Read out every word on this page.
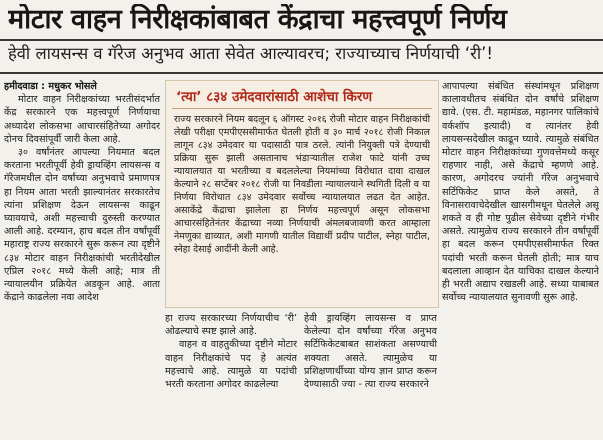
मोटार वाहन निरीक्षकांबाबत केंद्राचा महत्त्वपूर्ण निर्णय
हेवी लायसन्स व गॅरेज अनुभव आता सेवेत आल्यावरच; राज्याच्याच निर्णयाची ‘री’!

हमीदवाडा : मधुकर भोसले

मोटार वाहन निरीक्षकांच्या भरतीसंदर्भात केंद्र सरकारने एक महत्त्वपूर्ण निर्णयाचा अध्यादेश लोकसभा आचारसंहितेच्या अगोदर दोनच दिवसांपूर्वी जारी केला आहे.

३० वर्षांनंतर आपल्या नियमात बदल करताना भरतीपूर्वी हेवी ड्रायव्हिंग लायसन्स व गॅरेजमधील दोन वर्षांच्या अनुभवाचे प्रमाणपत्र हा नियम आता भरती झाल्यानंतर सरकारतेच त्यांना प्रशिक्षण देऊन लायसन्स काढून घ्यावयाचे, अशी महत्त्वाची दुरुस्ती करण्यात आली आहे. दरम्यान, हाच बदल तीन वर्षांपूर्वी महाराष्ट्र राज्य सरकारने सुरू करून त्या दृष्टीने ८३४ मोटार वाहन निरीक्षकांची भरतीदेखील एप्रिल २०१८ मध्ये केली आहे; मात्र ती न्यायालयीन प्रक्रियेत अडकून आहे. आता केंद्राने काढलेला नवा आदेश

‘त्या’ ८३४ उमेदवारांसाठी आशेचा किरण
राज्य सरकारने नियम बदलून ६ ऑगस्ट २०१६ रोजी मोटार वाहन निरीक्षकांची लेखी परीक्षा एमपीएससीमार्फत घेतली होती व ३० मार्च २०१८ रोजी निकाल लागून ८३४ उमेदवार या पदासाठी पात्र ठरले. त्यांनी नियुक्ती पत्रे देण्याची प्रक्रिया सुरू झाली असतानाच भंडाऱ्यातील राजेश फाटे यांनी उच्च न्यायालयात या भरतीच्या व बदललेल्या नियमांच्या विरोधात दावा दाखल केल्याने २८ सप्टेंबर २०१८ रोजी या निवडीला न्यायालयाने स्थगिती दिली व या निर्णया विरोधात ८३४ उमेदवार सर्वोच्च न्यायालयात लढत देत आहेत. असाकेंद्रे केंद्राचा झालेला हा निर्णय महत्त्वपूर्ण असून लोकसभा आचारसंहितेनंतर केंद्राच्या नव्या निर्णयाची अंमलबजावणी करत आम्हाला नेमणुका द्याव्यात, अशी मागणी यातील विद्यार्थी प्रदीप पाटील, स्नेहा पाटील, स्नेहा देसाई आदींनी केली आहे.

हा राज्य सरकारच्या निर्णयाचीच ‘री’ ओढल्याचे स्पष्ट झाले आहे.

वाहन व वाहतुकीच्या दृष्टीने मोटार वाहन निरीक्षकांचे पद हे अत्यंत महत्त्वाचे आहे. त्यामुळे या पदांची भरती करताना अगोदर काढलेल्या

हेवी ड्रायव्हिंग लायसन्स व प्राप्त केलेल्या दोन वर्षांच्या गॅरेज अनुभव सर्टिफिकेटबाबत साशंकता असण्याची शक्यता असते. त्यामुळेच या प्रशिक्षणार्थीच्या योग्य ज्ञान प्राप्त करून देण्यासाठी ज्या - त्या राज्य सरकारने

आपापल्या संबंधित संस्थांमधून प्रशिक्षण कालावधीतच संबंधित दोन वर्षांचे प्रशिक्षण द्यावे. (एस. टी. महामंडळ, महानगर पालिकांचे वर्कशॉप इत्यादी) व त्यानंतर हेवी लायसन्सदेखील काढून घ्यावे. त्यामुळे संबंधित मोटार वाहन निरीक्षकांच्या गुणवत्तेमध्ये कसूर राहणार नाही, असे केंद्राचे म्हणणे आहे. कारण, अगोदरच ज्यांनी गॅरेज अनुभवाचे सर्टिफिकेट प्राप्त केले असते, ते विनासरावाचेदेखील खासगीमधून घेतलेले असू शकते व ही गोष्ट पुढील सेवेच्या दृष्टीने गंभीर असते. त्यामुळेच राज्य सरकारने तीन वर्षांपूर्वी हा बदल करून एमपीएससीमार्फत रिक्त पदांची भरती करून घेतली होती; मात्र याच बदलाला आव्हान देत याचिका दाखल केल्याने ही भरती अद्याप रखडली आहे. सध्या याबाबत सर्वोच्च न्यायालयात सुनावणी सुरू आहे.
